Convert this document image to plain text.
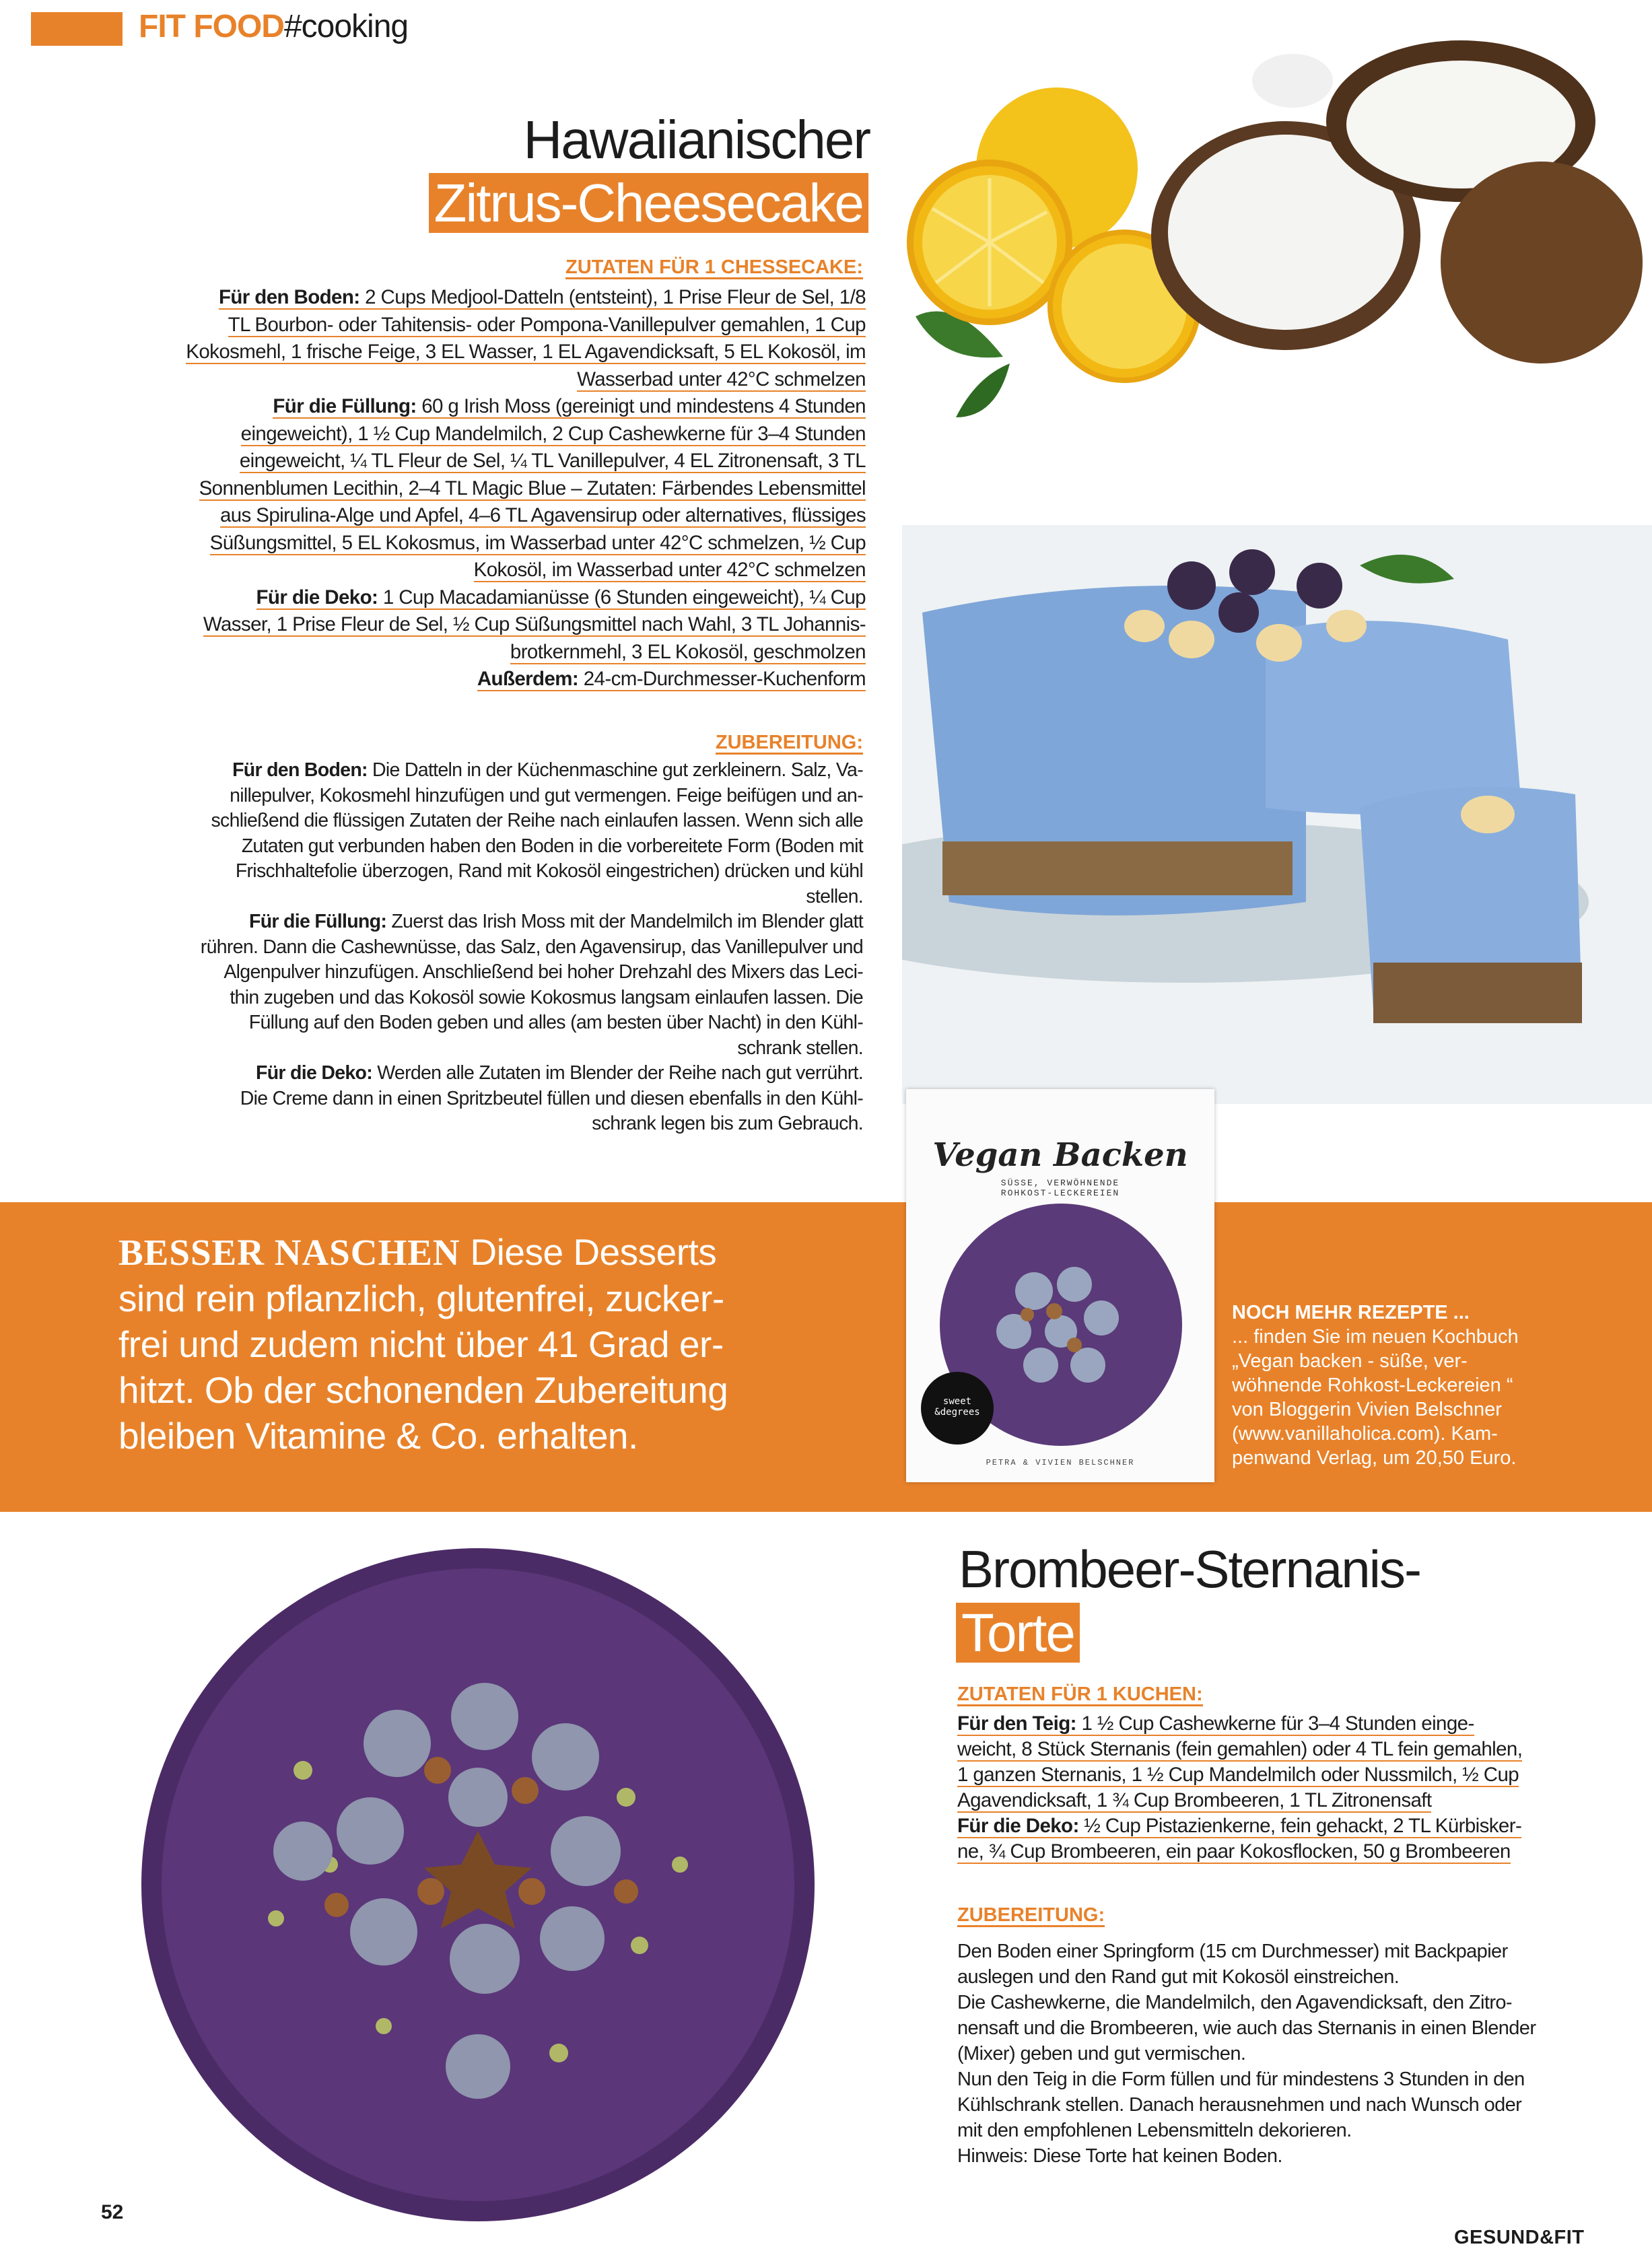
FIT FOOD#cooking
Hawaiianischer
Zitrus-Cheesecake
ZUTATEN FÜR 1 CHESSECAKE:
Für den Boden: 2 Cups Medjool-Datteln (entsteint), 1 Prise Fleur de Sel, 1/8
TL Bourbon- oder Tahitensis- oder Pompona-Vanillepulver gemahlen, 1 Cup
Kokosmehl, 1 frische Feige, 3 EL Wasser, 1 EL Agavendicksaft, 5 EL Kokosöl, im
Wasserbad unter 42°C schmelzen
Für die Füllung: 60 g Irish Moss (gereinigt und mindestens 4 Stunden
eingeweicht), 1 ½ Cup Mandelmilch, 2 Cup Cashewkerne für 3–4 Stunden
eingeweicht, ¼ TL Fleur de Sel, ¼ TL Vanillepulver, 4 EL Zitronensaft, 3 TL
Sonnenblumen Lecithin, 2–4 TL Magic Blue – Zutaten: Färbendes Lebensmittel
aus Spirulina-Alge und Apfel, 4–6 TL Agavensirup oder alternatives, flüssiges
Süßungsmittel, 5 EL Kokosmus, im Wasserbad unter 42°C schmelzen, ½ Cup
Kokosöl, im Wasserbad unter 42°C schmelzen
Für die Deko: 1 Cup Macadamianüsse (6 Stunden eingeweicht), ¼ Cup
Wasser, 1 Prise Fleur de Sel, ½ Cup Süßungsmittel nach Wahl, 3 TL Johannis-
brotkernmehl, 3 EL Kokosöl, geschmolzen
Außerdem: 24-cm-Durchmesser-Kuchenform
ZUBEREITUNG:
Für den Boden: Die Datteln in der Küchenmaschine gut zerkleinern. Salz, Va-
nillepulver, Kokosmehl hinzufügen und gut vermengen. Feige beifügen und an-
schließend die flüssigen Zutaten der Reihe nach einlaufen lassen. Wenn sich alle
Zutaten gut verbunden haben den Boden in die vorbereitete Form (Boden mit
Frischhaltefolie überzogen, Rand mit Kokosöl eingestrichen) drücken und kühl
stellen.
Für die Füllung: Zuerst das Irish Moss mit der Mandelmilch im Blender glatt
rühren. Dann die Cashewnüsse, das Salz, den Agavensirup, das Vanillepulver und
Algenpulver hinzufügen. Anschließend bei hoher Drehzahl des Mixers das Leci-
thin zugeben und das Kokosöl sowie Kokosmus langsam einlaufen lassen. Die
Füllung auf den Boden geben und alles (am besten über Nacht) in den Kühl-
schrank stellen.
Für die Deko: Werden alle Zutaten im Blender der Reihe nach gut verrührt.
Die Creme dann in einen Spritzbeutel füllen und diesen ebenfalls in den Kühl-
schrank legen bis zum Gebrauch.
BESSER NASCHEN Diese Desserts
sind rein pflanzlich, glutenfrei, zucker-
frei und zudem nicht über 41 Grad er-
hitzt. Ob der schonenden Zubereitung
bleiben Vitamine & Co. erhalten.
Vegan Backen
SÜSSE, VERWÖHNENDE
ROHKOST-LECKEREIEN
sweet
&degrees
PETRA & VIVIEN BELSCHNER
NOCH MEHR REZEPTE ...
... finden Sie im neuen Kochbuch
„Vegan backen - süße, ver-
wöhnende Rohkost-Leckereien “
von Bloggerin Vivien Belschner
(www.vanillaholica.com). Kam-
penwand Verlag, um 20,50 Euro.
Brombeer-Sternanis-
Torte
ZUTATEN FÜR 1 KUCHEN:
Für den Teig: 1 ½ Cup Cashewkerne für 3–4 Stunden einge-
weicht, 8 Stück Sternanis (fein gemahlen) oder 4 TL fein gemahlen,
1 ganzen Sternanis, 1 ½ Cup Mandelmilch oder Nussmilch, ½ Cup
Agavendicksaft, 1 ¾ Cup Brombeeren, 1 TL Zitronensaft
Für die Deko: ½ Cup Pistazienkerne, fein gehackt, 2 TL Kürbisker-
ne, ¾ Cup Brombeeren, ein paar Kokosflocken, 50 g Brombeeren
ZUBEREITUNG:
Den Boden einer Springform (15 cm Durchmesser) mit Backpapier
auslegen und den Rand gut mit Kokosöl einstreichen.
Die Cashewkerne, die Mandelmilch, den Agavendicksaft, den Zitro-
nensaft und die Brombeeren, wie auch das Sternanis in einen Blender
(Mixer) geben und gut vermischen.
Nun den Teig in die Form füllen und für mindestens 3 Stunden in den
Kühlschrank stellen. Danach herausnehmen und nach Wunsch oder
mit den empfohlenen Lebensmitteln dekorieren.
Hinweis: Diese Torte hat keinen Boden.
52
GESUND&FIT
